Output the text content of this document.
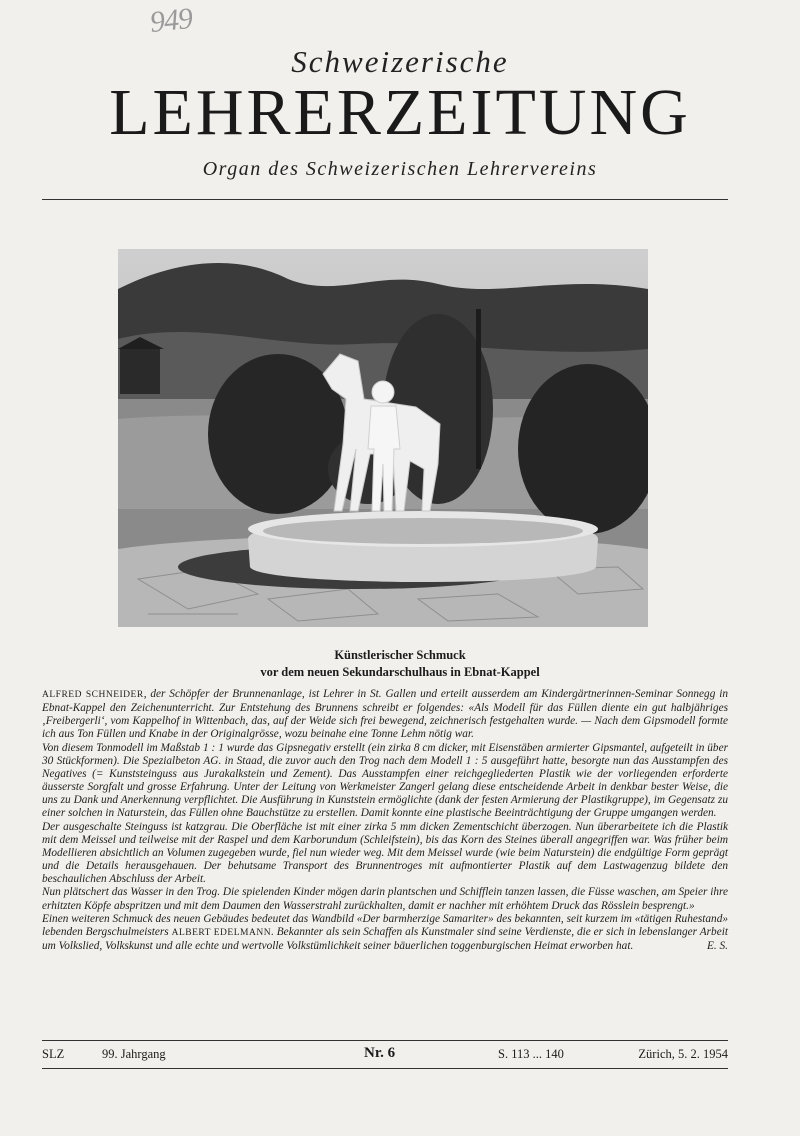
949
Schweizerische
LEHRERZEITUNG
Organ des Schweizerischen Lehrervereins
Künstlerischer Schmuck
vor dem neuen Sekundarschulhaus in Ebnat-Kappel

ALFRED SCHNEIDER, der Schöpfer der Brunnenanlage, ist Lehrer in St. Gallen und erteilt ausserdem am Kindergärtnerinnen-Seminar Sonnegg in Ebnat-Kappel den Zeichenunterricht. Zur Entstehung des Brunnens schreibt er folgendes: «Als Modell für das Füllen diente ein gut halbjähriges ‚Freibergerli‘, vom Kappelhof in Wittenbach, das, auf der Weide sich frei bewegend, zeichnerisch festgehalten wurde. — Nach dem Gipsmodell formte ich aus Ton Füllen und Knabe in der Originalgrösse, wozu beinahe eine Tonne Lehm nötig war.

Von diesem Tonmodell im Maßstab 1 : 1 wurde das Gipsnegativ erstellt (ein zirka 8 cm dicker, mit Eisenstäben armierter Gipsmantel, aufgeteilt in über 30 Stückformen). Die Spezialbeton AG. in Staad, die zuvor auch den Trog nach dem Modell 1 : 5 ausgeführt hatte, besorgte nun das Ausstampfen des Negatives (= Kunststeinguss aus Jurakalkstein und Zement). Das Ausstampfen einer reichgegliederten Plastik wie der vorliegenden erforderte äusserste Sorgfalt und grosse Erfahrung. Unter der Leitung von Werkmeister Zangerl gelang diese entscheidende Arbeit in denkbar bester Weise, die uns zu Dank und Anerkennung verpflichtet. Die Ausführung in Kunststein ermöglichte (dank der festen Armierung der Plastikgruppe), im Gegensatz zu einer solchen in Naturstein, das Füllen ohne Bauchstütze zu erstellen. Damit konnte eine plastische Beeinträchtigung der Gruppe umgangen werden.

Der ausgeschalte Steinguss ist katzgrau. Die Oberfläche ist mit einer zirka 5 mm dicken Zementschicht überzogen. Nun überarbeitete ich die Plastik mit dem Meissel und teilweise mit der Raspel und dem Karborundum (Schleifstein), bis das Korn des Steines überall angegriffen war. Was früher beim Modellieren absichtlich an Volumen zugegeben wurde, fiel nun wieder weg. Mit dem Meissel wurde (wie beim Naturstein) die endgültige Form geprägt und die Details herausgehauen. Der behutsame Transport des Brunnentroges mit aufmontierter Plastik auf dem Lastwagenzug bildete den beschaulichen Abschluss der Arbeit.

Nun plätschert das Wasser in den Trog. Die spielenden Kinder mögen darin plantschen und Schifflein tanzen lassen, die Füsse waschen, am Speier ihre erhitzten Köpfe abspritzen und mit dem Daumen den Wasserstrahl zurückhalten, damit er nachher mit erhöhtem Druck das Rösslein besprengt.»

Einen weiteren Schmuck des neuen Gebäudes bedeutet das Wandbild «Der barmherzige Samariter» des bekannten, seit kurzem im «tätigen Ruhestand» lebenden Bergschulmeisters ALBERT EDELMANN. Bekannter als sein Schaffen als Kunstmaler sind seine Verdienste, die er sich in lebenslanger Arbeit um Volkslied, Volkskunst und alle echte und wertvolle Volkstümlichkeit seiner bäuerlichen toggenburgischen Heimat erworben hat.	E. S.

SLZ	99. Jahrgang	Nr. 6	S. 113 ... 140	Zürich, 5. 2. 1954
